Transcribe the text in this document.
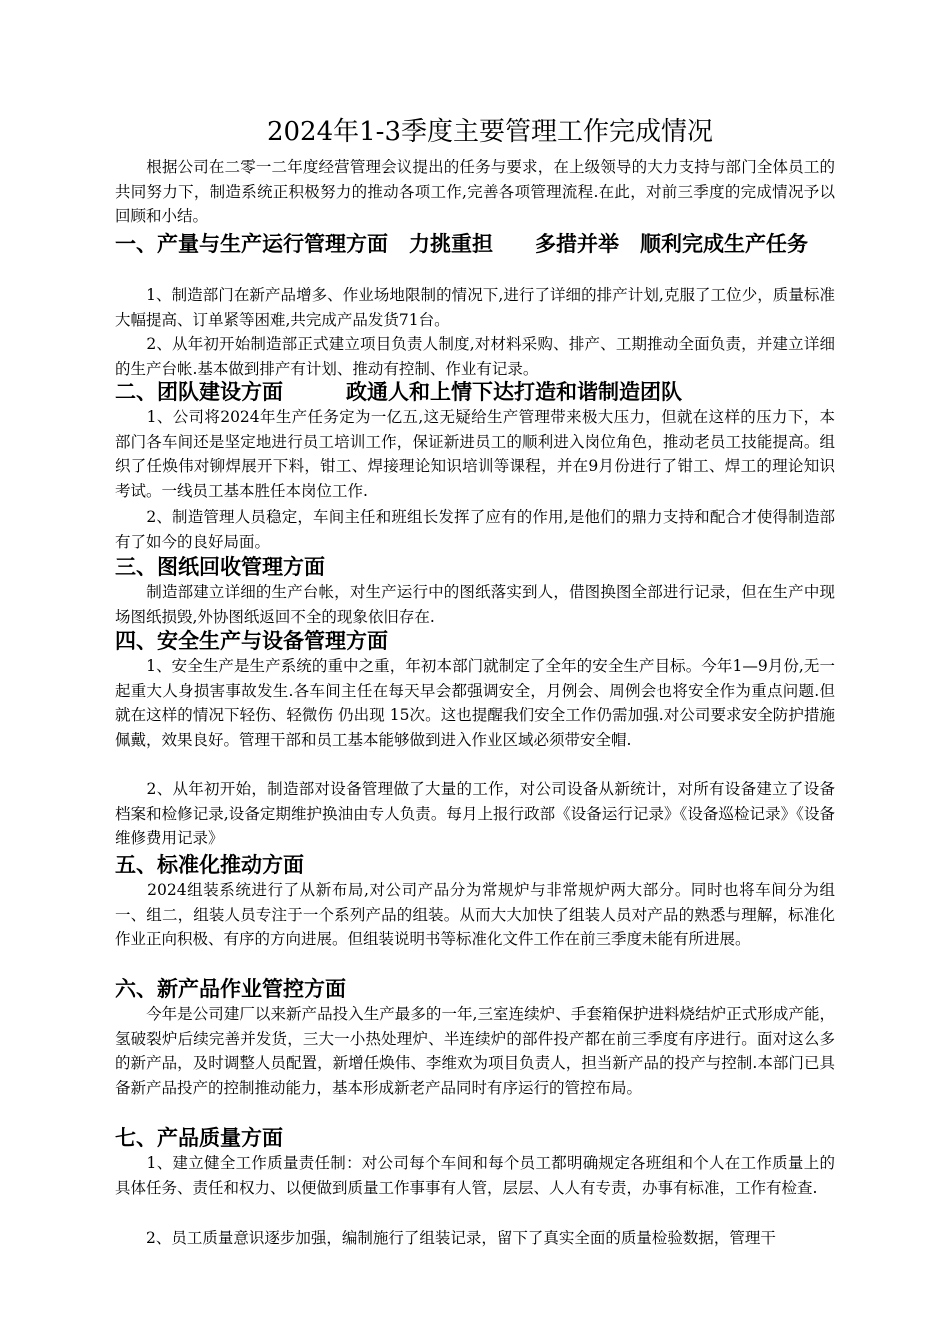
2024年1-3季度主要管理工作完成情况

　　根据公司在二零一二年度经营管理会议提出的任务与要求，在上级领导的大力支持与部门全体员工的共同努力下，制造系统正积极努力的推动各项工作,完善各项管理流程.在此，对前三季度的完成情况予以回顾和小结。

一、产量与生产运行管理方面　力挑重担　　多措并举　顺利完成生产任务

　　1、制造部门在新产品增多、作业场地限制的情况下,进行了详细的排产计划,克服了工位少，质量标准大幅提高、订单紧等困难,共完成产品发货71台。

　　2、从年初开始制造部正式建立项目负责人制度,对材料采购、排产、工期推动全面负责，并建立详细的生产台帐.基本做到排产有计划、推动有控制、作业有记录。

二、团队建设方面　　　政通人和上情下达打造和谐制造团队

　　1、公司将2024年生产任务定为一亿五,这无疑给生产管理带来极大压力，但就在这样的压力下，本部门各车间还是坚定地进行员工培训工作，保证新进员工的顺利进入岗位角色，推动老员工技能提高。组织了任焕伟对铆焊展开下料，钳工、焊接理论知识培训等课程，并在9月份进行了钳工、焊工的理论知识考试。一线员工基本胜任本岗位工作.

　　2、制造管理人员稳定，车间主任和班组长发挥了应有的作用,是他们的鼎力支持和配合才使得制造部有了如今的良好局面。

三、图纸回收管理方面

　　制造部建立详细的生产台帐，对生产运行中的图纸落实到人，借图换图全部进行记录，但在生产中现场图纸损毁,外协图纸返回不全的现象依旧存在.

四、安全生产与设备管理方面

　　1、安全生产是生产系统的重中之重，年初本部门就制定了全年的安全生产目标。今年1—9月份,无一起重大人身损害事故发生.各车间主任在每天早会都强调安全，月例会、周例会也将安全作为重点问题.但就在这样的情况下轻伤、轻微伤 仍出现 15次。这也提醒我们安全工作仍需加强.对公司要求安全防护措施佩戴，效果良好。管理干部和员工基本能够做到进入作业区域必须带安全帽.

　　2、从年初开始，制造部对设备管理做了大量的工作，对公司设备从新统计，对所有设备建立了设备档案和检修记录,设备定期维护换油由专人负责。每月上报行政部《设备运行记录》《设备巡检记录》《设备维修费用记录》

五、标准化推动方面

　　2024组装系统进行了从新布局,对公司产品分为常规炉与非常规炉两大部分。同时也将车间分为组一、组二，组装人员专注于一个系列产品的组装。从而大大加快了组装人员对产品的熟悉与理解，标准化作业正向积极、有序的方向进展。但组装说明书等标准化文件工作在前三季度未能有所进展。

六、新产品作业管控方面

　　今年是公司建厂以来新产品投入生产最多的一年,三室连续炉、手套箱保护进料烧结炉正式形成产能，氢破裂炉后续完善并发货，三大一小热处理炉、半连续炉的部件投产都在前三季度有序进行。面对这么多的新产品，及时调整人员配置，新增任焕伟、李维欢为项目负责人，担当新产品的投产与控制.本部门已具备新产品投产的控制推动能力，基本形成新老产品同时有序运行的管控布局。

七、产品质量方面

　　1、建立健全工作质量责任制：对公司每个车间和每个员工都明确规定各班组和个人在工作质量上的具体任务、责任和权力、以便做到质量工作事事有人管，层层、人人有专责，办事有标准，工作有检查.

　　2、员工质量意识逐步加强，编制施行了组装记录，留下了真实全面的质量检验数据，管理干
